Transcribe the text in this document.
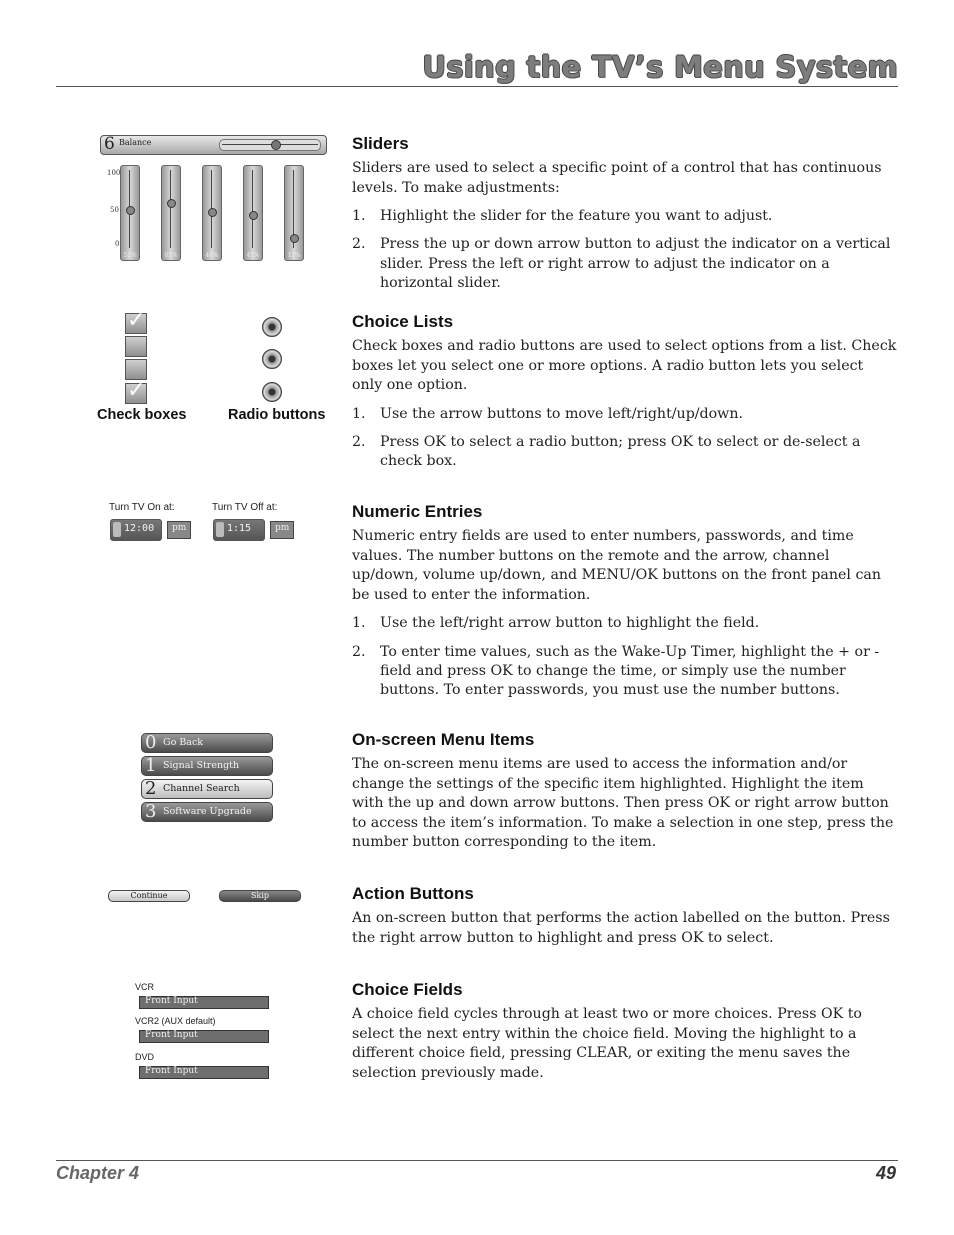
Using the TV’s Menu System
6 Balance
100
50
0
51%	61%	48%	45%	13%
✓
✓
Check boxes	Radio buttons
Turn TV On at:
12:00 pm
Turn TV Off at:
1:15	pm
0 Go Back
1 Signal Strength
2 Channel Search
3 Software Upgrade
Continue	Skip
VCR
Front Input
VCR2 (AUX default)
Front Input
DVD
Front Input
Sliders

Sliders are used to select a specific point of a control that has continuous levels. To make adjustments:

1. Highlight the slider for the feature you want to adjust.
2. Press the up or down arrow button to adjust the indicator on a vertical slider. Press the left or right arrow to adjust the indicator on a horizontal slider.
Choice Lists

Check boxes and radio buttons are used to select options from a list. Check boxes let you select one or more options. A radio button lets you select only one option.

1. Use the arrow buttons to move left/right/up/down.
2. Press OK to select a radio button; press OK to select or de-select a check box.
Numeric Entries

Numeric entry fields are used to enter numbers, passwords, and time values. The number buttons on the remote and the arrow, channel up/down, volume up/down, and MENU/OK buttons on the front panel can be used to enter the information.

1. Use the left/right arrow button to highlight the field.
2. To enter time values, such as the Wake-Up Timer, highlight the + or - field and press OK to change the time, or simply use the number buttons. To enter passwords, you must use the number buttons.
On-screen Menu Items

The on-screen menu items are used to access the information and/or change the settings of the specific item highlighted. Highlight the item with the up and down arrow buttons. Then press OK or right arrow button to access the item’s information. To make a selection in one step, press the number button corresponding to the item.

Action Buttons

An on-screen button that performs the action labelled on the button. Press the right arrow button to highlight and press OK to select.

Choice Fields

A choice field cycles through at least two or more choices. Press OK to select the next entry within the choice field. Moving the highlight to a different choice field, pressing CLEAR, or exiting the menu saves the selection previously made.

Chapter 4	49
